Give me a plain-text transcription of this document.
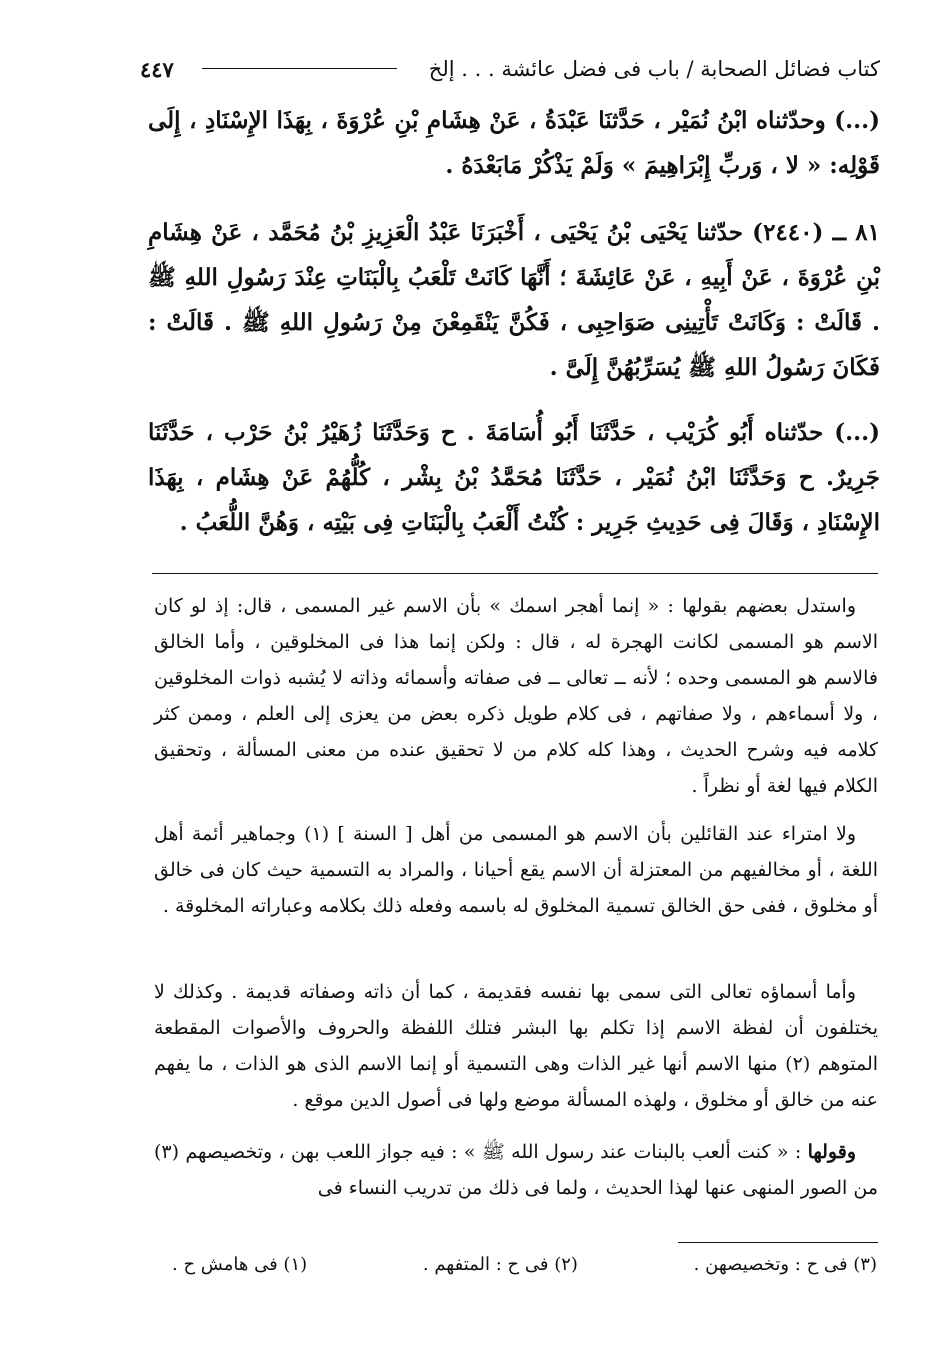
٤٤٧	كتاب فضائل الصحابة / باب فى فضل عائشة . . . إلخ

(...) وحدّثناه ابْنُ نُمَيْر ، حَدَّثنَا عَبْدَةُ ، عَنْ هِشَامِ بْنِ عُرْوَةَ ، بِهَذَا الإِسْنَادِ ، إِلَى قَوْلِه: « لا ، وَربِّ إِبْرَاهِيمَ » وَلَمْ يَذْكُرْ مَابَعْدَهُ .

٨١ ــ (٢٤٤٠) حدّثنا يَحْيَى بْنُ يَحْيَى ، أَخْبَرَنَا عَبْدُ الْعَزِيزِ بْنُ مُحَمَّد ، عَنْ هِشَامِ بْنِ عُرْوَةَ ، عَنْ أَبِيهِ ، عَنْ عَائِشَةَ ؛ أَنَّهَا كَانَتْ تَلْعَبُ بِالْبَنَاتِ عِنْدَ رَسُولِ اللهِ ﷺ . قَالَتْ : وَكَانَتْ تَأْتِينِى صَوَاحِبِى ، فَكُنَّ يَنْقَمِعْنَ مِنْ رَسُولِ اللهِ ﷺ . قَالَتْ : فَكَانَ رَسُولُ اللهِ ﷺ يُسَرِّبُهُنَّ إِلَىَّ .

(...) حدّثناه أَبُو كُرَيْب ، حَدَّثَنَا أَبُو أُسَامَةَ . ح وَحَدَّثَنَا زُهَيْرُ بْنُ حَرْب ، حَدَّثَنَا جَرِيرٌ. ح وَحَدَّثَنَا ابْنُ نُمَيْر ، حَدَّثَنَا مُحَمَّدُ بْنُ بِشْر ، كُلُّهُمْ عَنْ هِشَام ، بِهَذَا الإِسْنَادِ ، وَقَالَ فِى حَدِيثِ جَرِير : كُنْتُ أَلْعَبُ بِالْبَنَاتِ فِى بَيْتِه ، وَهُنَّ اللُّعَبُ .

واستدل بعضهم بقولها : « إنما أهجر اسمك » بأن الاسم غير المسمى ، قال: إذ لو كان الاسم هو المسمى لكانت الهجرة له ، قال : ولكن إنما هذا فى المخلوقين ، وأما الخالق فالاسم هو المسمى وحده ؛ لأنه ــ تعالى ــ فى صفاته وأسمائه وذاته لا يُشبه ذوات المخلوقين ، ولا أسماءهم ، ولا صفاتهم ، فى كلام طويل ذكره بعض من يعزى إلى العلم ، وممن كثر كلامه فيه وشرح الحديث ، وهذا كله كلام من لا تحقيق عنده من معنى المسألة ، وتحقيق الكلام فيها لغة أو نظراً .

ولا امتراء عند القائلين بأن الاسم هو المسمى من أهل [ السنة ] (١) وجماهير أئمة أهل اللغة ، أو مخالفيهم من المعتزلة أن الاسم يقع أحيانا ، والمراد به التسمية حيث كان فى خالق أو مخلوق ، ففى حق الخالق تسمية المخلوق له باسمه وفعله ذلك بكلامه وعباراته المخلوقة .

وأما أسماؤه تعالى التى سمى بها نفسه فقديمة ، كما أن ذاته وصفاته قديمة . وكذلك لا يختلفون أن لفظة الاسم إذا تكلم بها البشر فتلك اللفظة والحروف والأصوات المقطعة المتوهم (٢) منها الاسم أنها غير الذات وهى التسمية أو إنما الاسم الذى هو الذات ، ما يفهم عنه من خالق أو مخلوق ، ولهذه المسألة موضع ولها فى أصول الدين موقع .

وقولها : « كنت ألعب بالبنات عند رسول الله ﷺ » : فيه جواز اللعب بهن ، وتخصيصهم (٣) من الصور المنهى عنها لهذا الحديث ، ولما فى ذلك من تدريب النساء فى

(١) فى هامش ح .	(٢) فى ح : المتفهم .	(٣) فى ح : وتخصيصهن .
